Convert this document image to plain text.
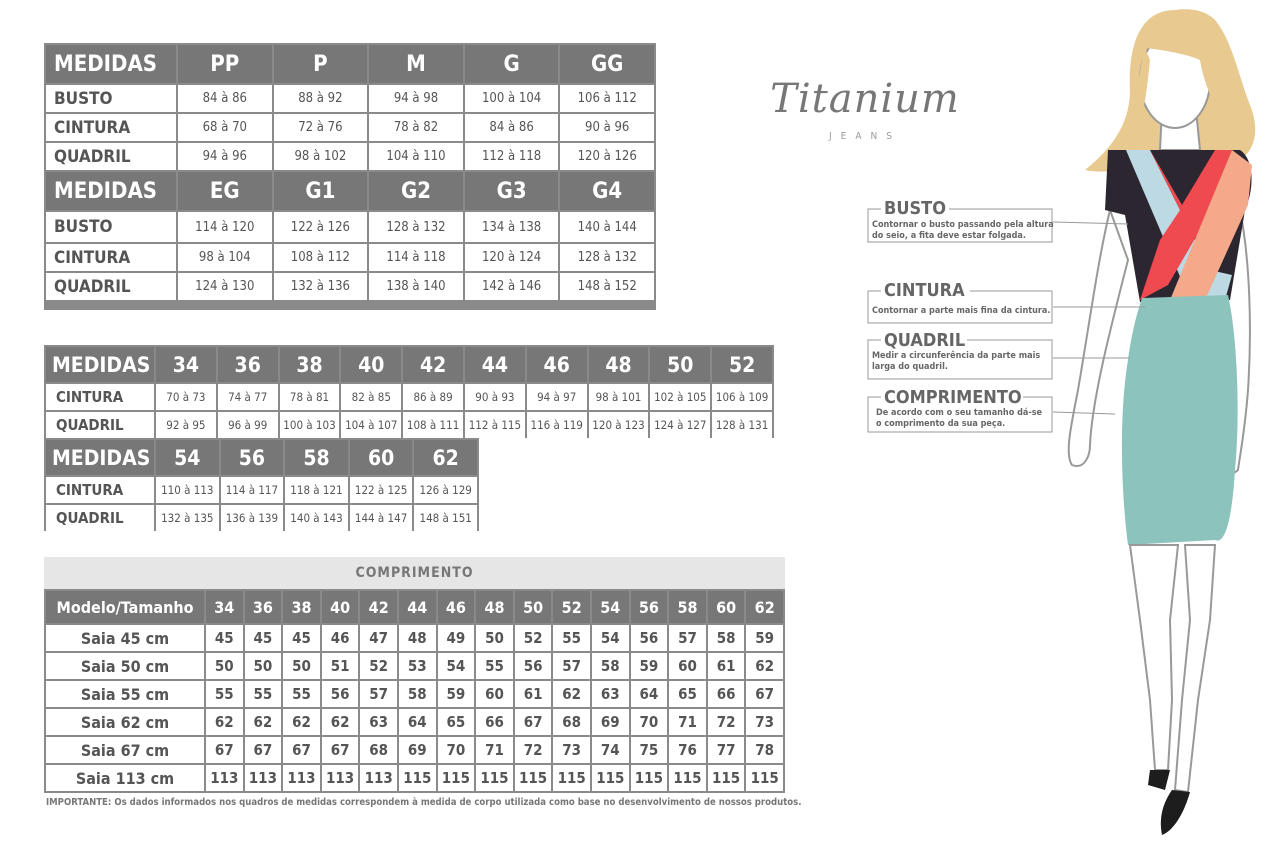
MEDIDAS	PP	P	M	G	GG
BUSTO	84 à 86	88 à 92	94 à 98	100 à 104	106 à 112
CINTURA	68 à 70	72 à 76	78 à 82	84 à 86	90 à 96
QUADRIL	94 à 96	98 à 102	104 à 110	112 à 118	120 à 126
MEDIDAS	EG	G1	G2	G3	G4
BUSTO	114 à 120	122 à 126	128 à 132	134 à 138	140 à 144
CINTURA	98 à 104	108 à 112	114 à 118	120 à 124	128 à 132
QUADRIL	124 à 130	132 à 136	138 à 140	142 à 146	148 à 152
MEDIDAS	34	36	38	40	42	44	46	48	50	52
CINTURA	70 à 73	74 à 77	78 à 81	82 à 85	86 à 89	90 à 93	94 à 97	98 à 101	102 à 105 106 à 109
QUADRIL	92 à 95	96 à 99	100 à 103 104 à 107 108 à 111 112 à 115 116 à 119 120 à 123 124 à 127 128 à 131
MEDIDAS	54	56	58	60	62
CINTURA	110 à 113	114 à 117	118 à 121	122 à 125	126 à 129
QUADRIL	132 à 135	136 à 139	140 à 143	144 à 147	148 à 151
COMPRIMENTO
Modelo/Tamanho	34	36	38	40	42	44	46	48	50	52	54	56	58	60	62
Saia 45 cm	45	45	45	46	47	48	49	50	52	55	54	56	57	58	59
Saia 50 cm	50	50	50	51	52	53	54	55	56	57	58	59	60	61	62
Saia 55 cm	55	55	55	56	57	58	59	60	61	62	63	64	65	66	67
Saia 62 cm	62	62	62	62	63	64	65	66	67	68	69	70	71	72	73
Saia 67 cm	67	67	67	67	68	69	70	71	72	73	74	75	76	77	78
Saia 113 cm	113 113 113 113 113 115 115 115 115 115 115 115 115 115 115
IMPORTANTE: Os dados informados nos quadros de medidas correspondem à medida de corpo utilizada como base no desenvolvimento de nossos produtos.
Titanium
JEANS
BUSTO
Contornar o busto passando pela altura
do seio, a fita deve estar folgada.
CINTURA
Contornar a parte mais fina da cintura.
QUADRIL
Medir a circunferência da parte mais
larga do quadril.
COMPRIMENTO
De acordo com o seu tamanho dá-se
o comprimento da sua peça.
